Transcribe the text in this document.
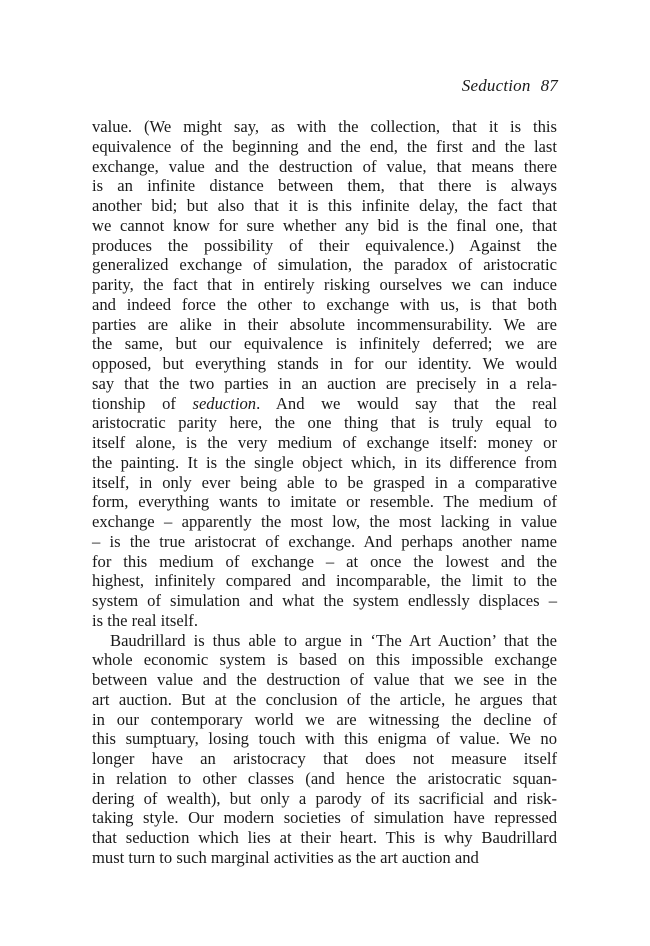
Seduction 87
value. (We might say, as with the collection, that it is this
equivalence of the beginning and the end, the first and the last
exchange, value and the destruction of value, that means there
is an infinite distance between them, that there is always
another bid; but also that it is this infinite delay, the fact that
we cannot know for sure whether any bid is the final one, that
produces the possibility of their equivalence.) Against the
generalized exchange of simulation, the paradox of aristocratic
parity, the fact that in entirely risking ourselves we can induce
and indeed force the other to exchange with us, is that both
parties are alike in their absolute incommensurability. We are
the same, but our equivalence is infinitely deferred; we are
opposed, but everything stands in for our identity. We would
say that the two parties in an auction are precisely in a rela-
tionship of seduction. And we would say that the real
aristocratic parity here, the one thing that is truly equal to
itself alone, is the very medium of exchange itself: money or
the painting. It is the single object which, in its difference from
itself, in only ever being able to be grasped in a comparative
form, everything wants to imitate or resemble. The medium of
exchange – apparently the most low, the most lacking in value
– is the true aristocrat of exchange. And perhaps another name
for this medium of exchange – at once the lowest and the
highest, infinitely compared and incomparable, the limit to the
system of simulation and what the system endlessly displaces –
is the real itself.
Baudrillard is thus able to argue in ‘The Art Auction’ that the
whole economic system is based on this impossible exchange
between value and the destruction of value that we see in the
art auction. But at the conclusion of the article, he argues that
in our contemporary world we are witnessing the decline of
this sumptuary, losing touch with this enigma of value. We no
longer have an aristocracy that does not measure itself
in relation to other classes (and hence the aristocratic squan-
dering of wealth), but only a parody of its sacrificial and risk-
taking style. Our modern societies of simulation have repressed
that seduction which lies at their heart. This is why Baudrillard
must turn to such marginal activities as the art auction and
